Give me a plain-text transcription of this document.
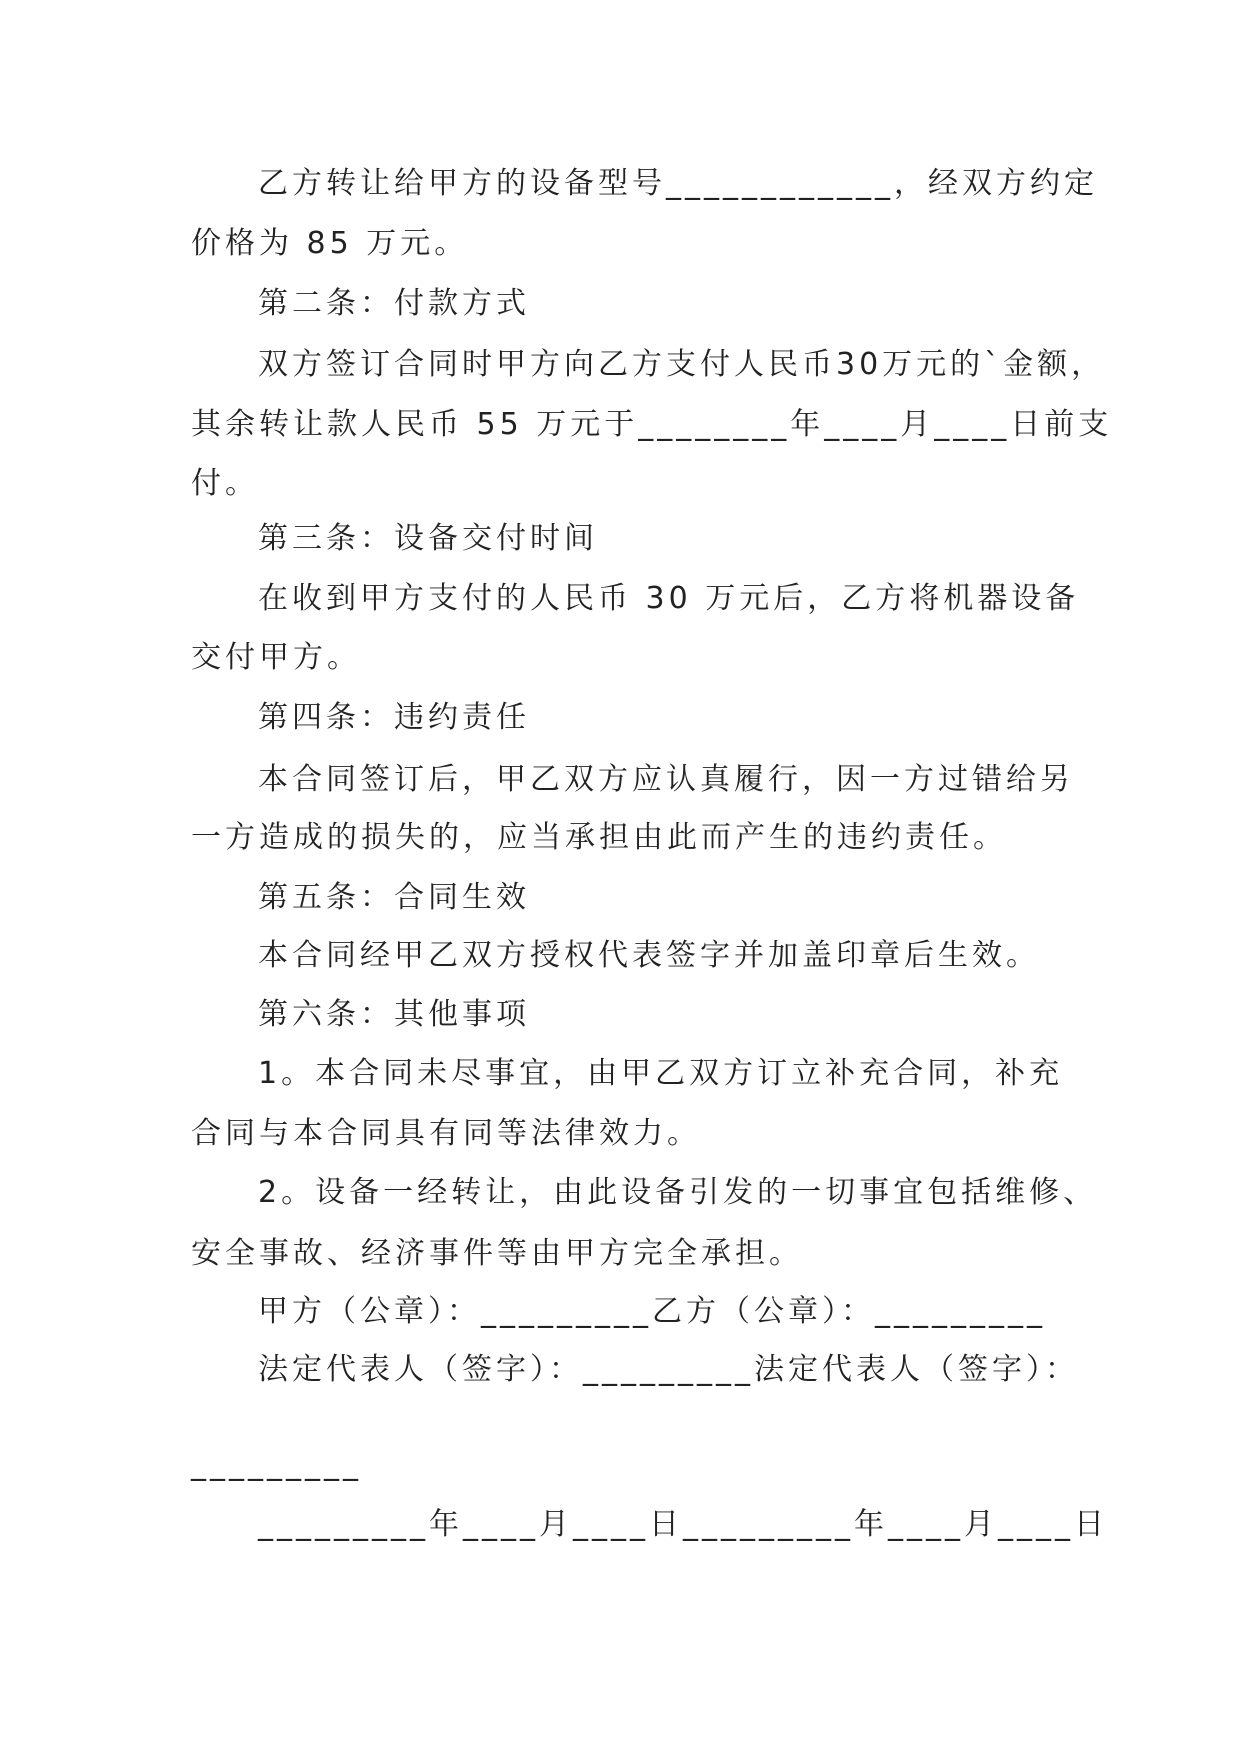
乙方转让给甲方的设备型号____________，经双方约定
价格为 85 万元。
第二条：付款方式
双方签订合同时甲方向乙方支付人民币30万元的`金额，
其余转让款人民币 55 万元于________年____月____日前支
付。
第三条：设备交付时间
在收到甲方支付的人民币 30 万元后，乙方将机器设备
交付甲方。
第四条：违约责任
本合同签订后，甲乙双方应认真履行，因一方过错给另
一方造成的损失的，应当承担由此而产生的违约责任。
第五条：合同生效
本合同经甲乙双方授权代表签字并加盖印章后生效。
第六条：其他事项
1。本合同未尽事宜，由甲乙双方订立补充合同，补充
合同与本合同具有同等法律效力。
2。设备一经转让，由此设备引发的一切事宜包括维修、
安全事故、经济事件等由甲方完全承担。
甲方（公章）：_________乙方（公章）：_________
法定代表人（签字）：_________法定代表人（签字）：
_________
_________年____月____日_________年____月____日
